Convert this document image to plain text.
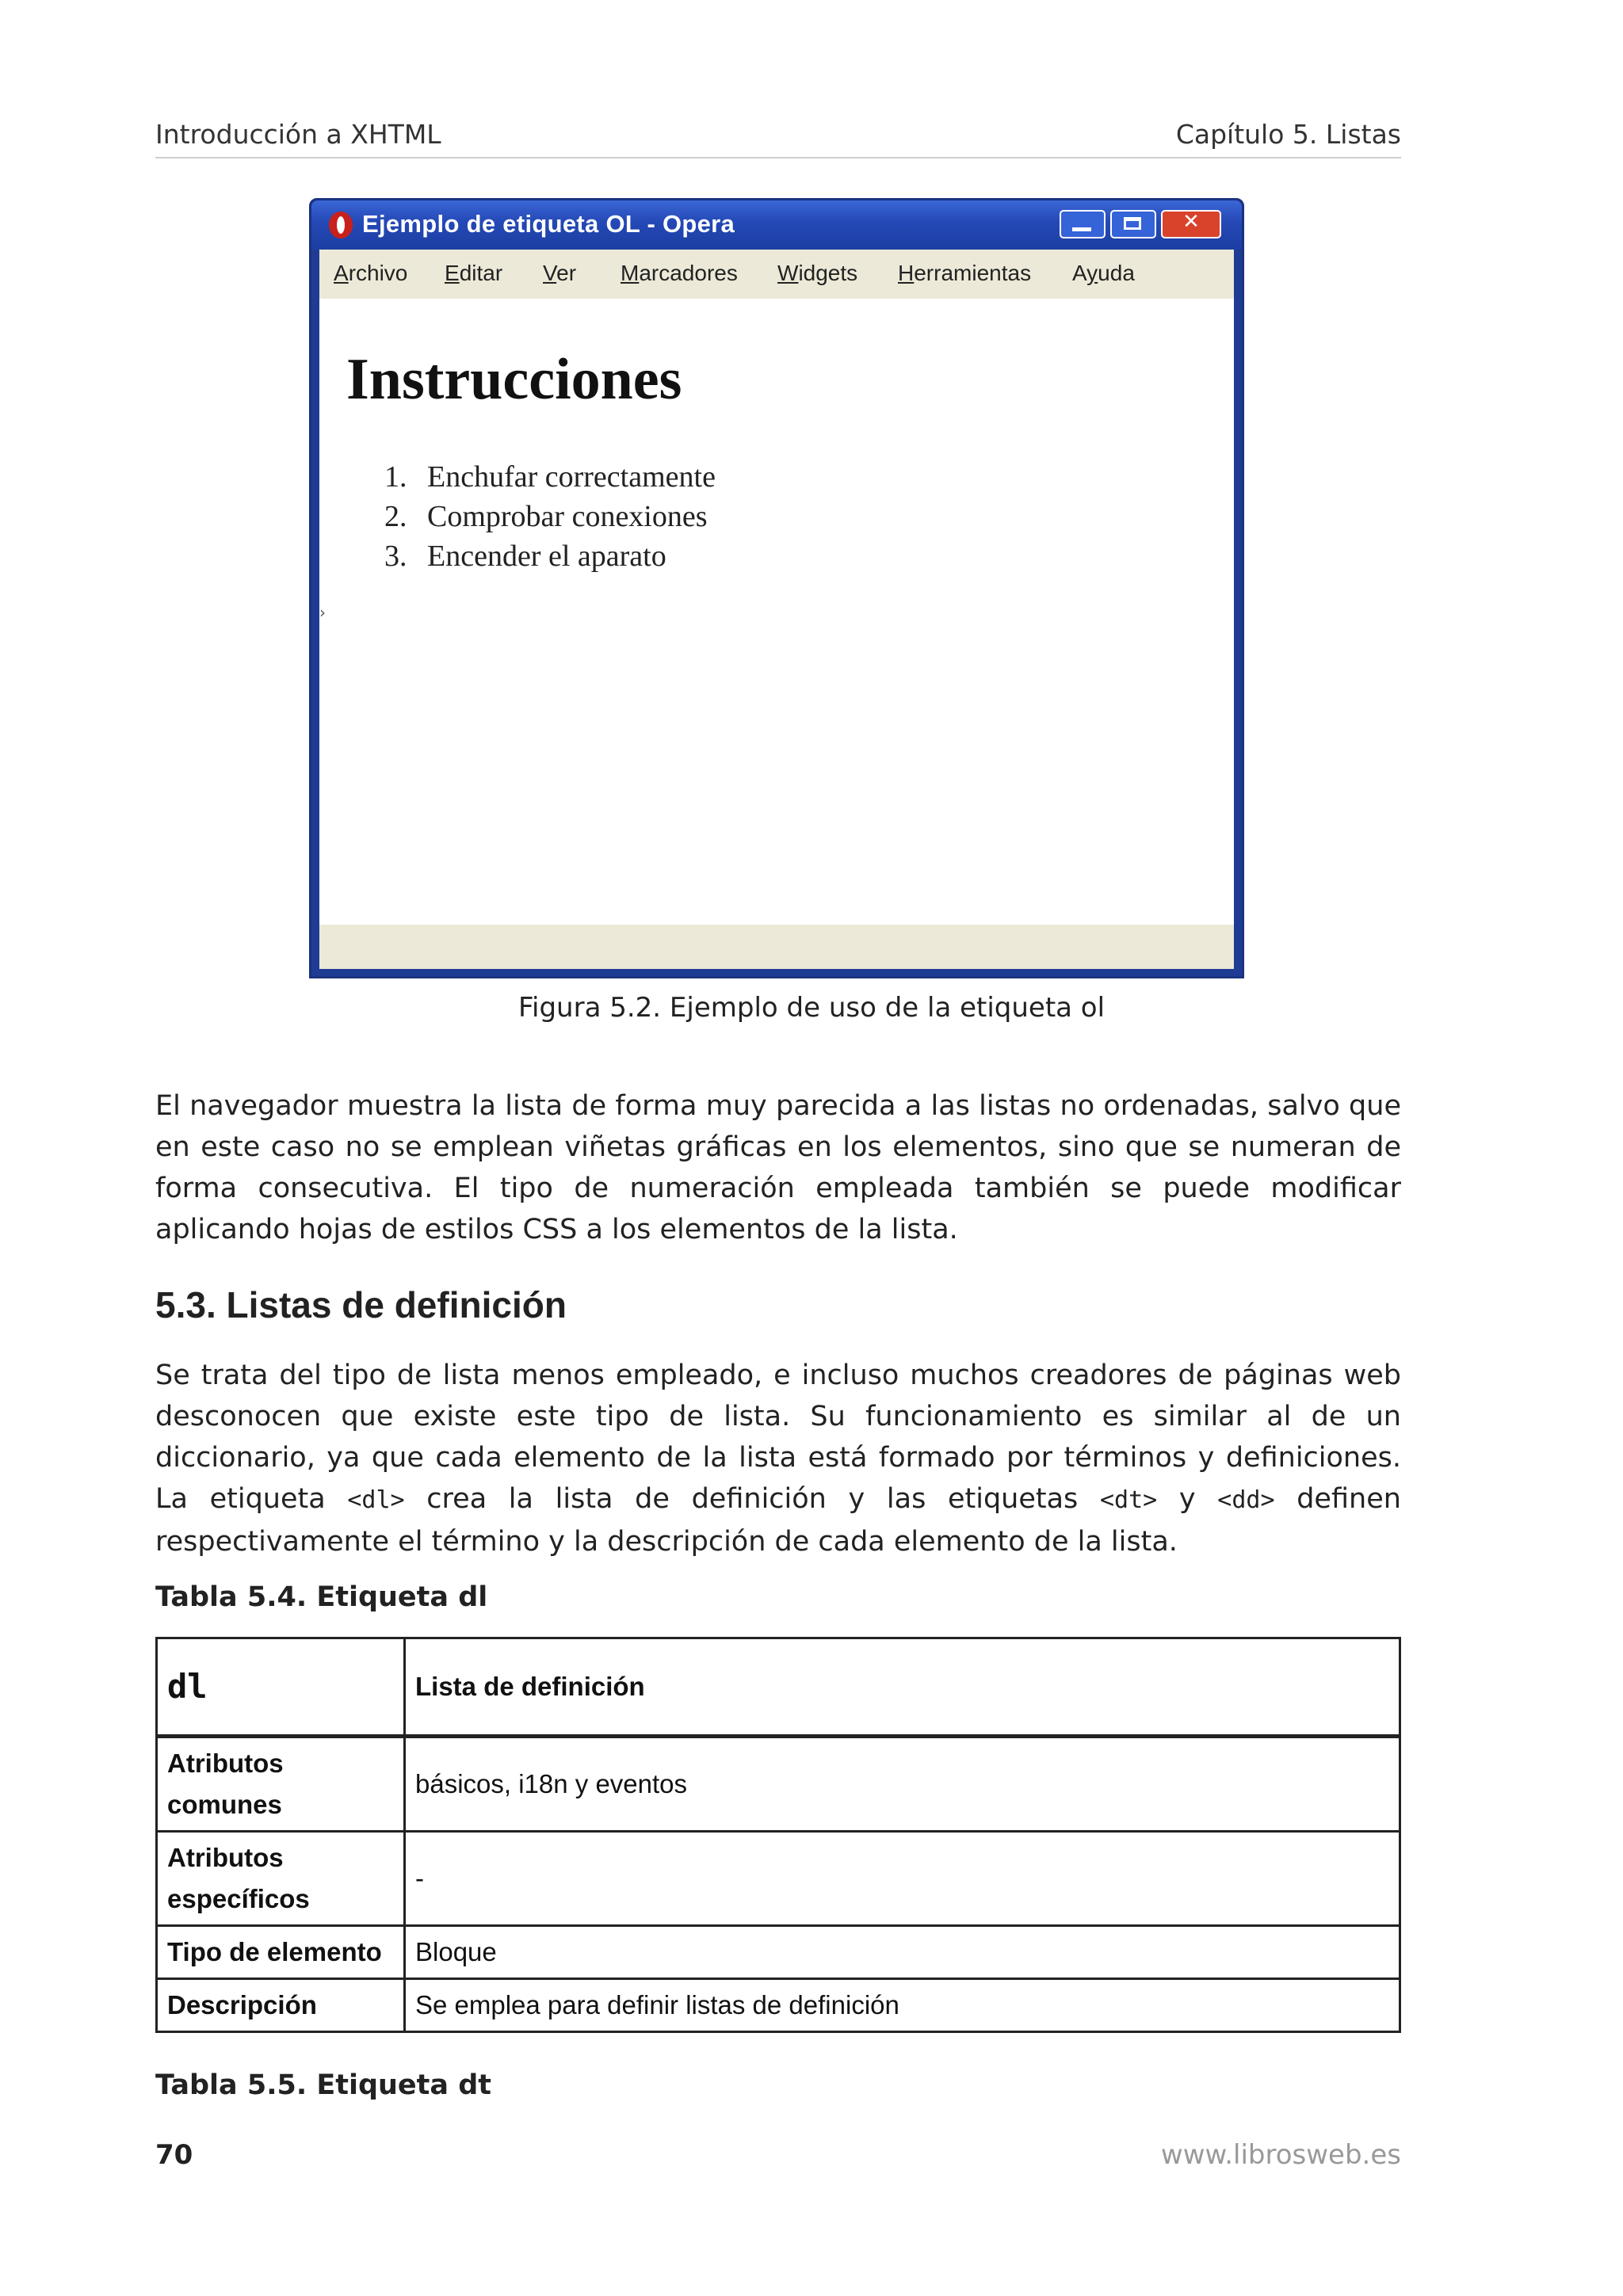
Introducción a XHTML	Capítulo 5. Listas
Ejemplo de etiqueta OL - Opera
✕
Archivo Editar Ver Marcadores Widgets Herramientas Ayuda
Instrucciones
1. Enchufar correctamente
2. Comprobar conexiones
3. Encender el aparato
›
Figura 5.2. Ejemplo de uso de la etiqueta ol

El navegador muestra la lista de forma muy parecida a las listas no ordenadas, salvo que en este caso no se emplean viñetas gráficas en los elementos, sino que se numeran de forma consecutiva. El tipo de numeración empleada también se puede modificar aplicando hojas de estilos CSS a los elementos de la lista.

5.3. Listas de definición

Se trata del tipo de lista menos empleado, e incluso muchos creadores de páginas web desconocen que existe este tipo de lista. Su funcionamiento es similar al de un diccionario, ya que cada elemento de la lista está formado por términos y definiciones. La etiqueta <dl> crea la lista de definición y las etiquetas <dt> y <dd> definen respectivamente el término y la descripción de cada elemento de la lista.

Tabla 5.4. Etiqueta dl
dl	Lista de definición
Atributos comunes	básicos, i18n y eventos
Atributos específicos	-
Tipo de elemento	Bloque
Descripción	Se emplea para definir listas de definición
Tabla 5.5. Etiqueta dt
70	www.librosweb.es
